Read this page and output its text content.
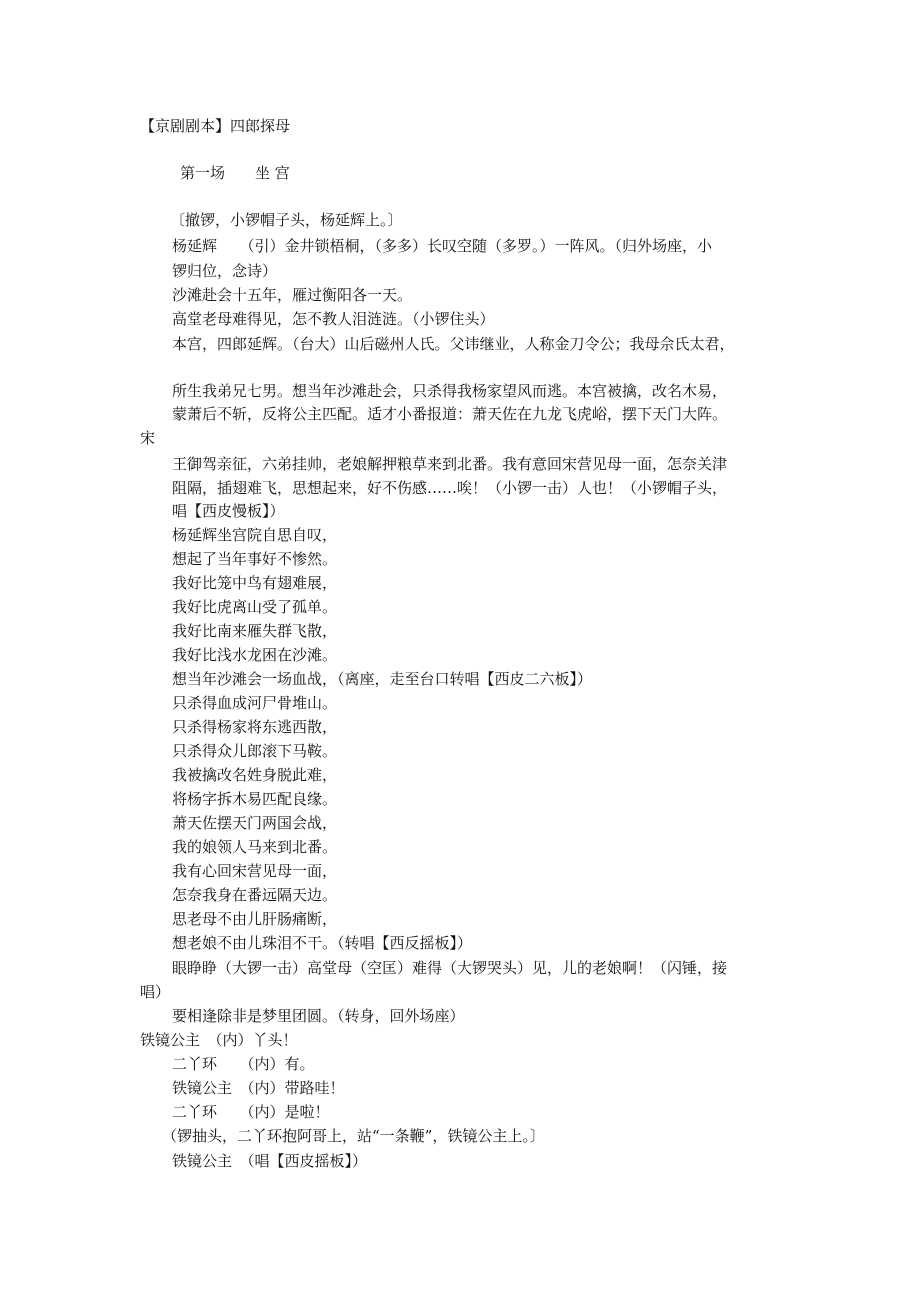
【京剧剧本】四郎探母
第一场　　坐 宫
〔撤锣，小锣帽子头，杨延辉上。〕
杨延辉　　（引）金井锁梧桐，（多多）长叹空随（多罗。）一阵风。（归外场座，小
锣归位，念诗）
沙滩赴会十五年，雁过衡阳各一天。
高堂老母难得见，怎不教人泪涟涟。（小锣住头）
本宫，四郎延辉。（台大）山后磁州人氏。父讳继业，人称金刀令公；我母佘氏太君，
所生我弟兄七男。想当年沙滩赴会，只杀得我杨家望风而逃。本宫被擒，改名木易，
蒙萧后不斩，反将公主匹配。适才小番报道：萧天佐在九龙飞虎峪，摆下天门大阵。
宋
王御驾亲征，六弟挂帅，老娘解押粮草来到北番。我有意回宋营见母一面，怎奈关津
阻隔，插翅难飞，思想起来，好不伤感……唉！（小锣一击）人也！（小锣帽子头，
唱【西皮慢板】）
杨延辉坐宫院自思自叹，
想起了当年事好不惨然。
我好比笼中鸟有翅难展，
我好比虎离山受了孤单。
我好比南来雁失群飞散，
我好比浅水龙困在沙滩。
想当年沙滩会一场血战，（离座，走至台口转唱【西皮二六板】）
只杀得血成河尸骨堆山。
只杀得杨家将东逃西散，
只杀得众儿郎滚下马鞍。
我被擒改名姓身脱此难，
将杨字拆木易匹配良缘。
萧天佐摆天门两国会战，
我的娘领人马来到北番。
我有心回宋营见母一面，
怎奈我身在番远隔天边。
思老母不由儿肝肠痛断，
想老娘不由儿珠泪不干。（转唱【西反摇板】）
眼睁睁（大锣一击）高堂母（空匡）难得（大锣哭头）见，儿的老娘啊！（闪锤，接
唱）
要相逢除非是梦里团圆。（转身，回外场座）
铁镜公主　（内）丫头！
二丫环　　（内）有。
铁镜公主　（内）带路哇！
二丫环　　（内）是啦！
（锣抽头，二丫环抱阿哥上，站“一条鞭”，铁镜公主上。〕
铁镜公主　（唱【西皮摇板】）
